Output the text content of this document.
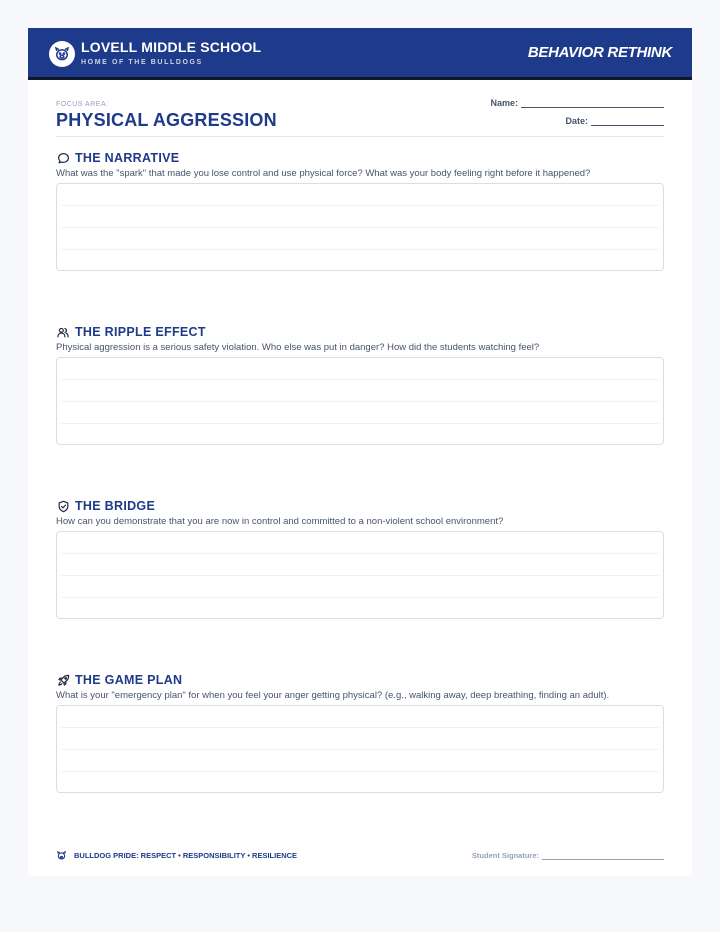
LOVELL MIDDLE SCHOOL
HOME OF THE BULLDOGS
BEHAVIOR RETHINK
FOCUS AREA:
PHYSICAL AGGRESSION
Name:
Date:
THE NARRATIVE
What was the "spark" that made you lose control and use physical force? What was your body feeling right before it happened?
THE RIPPLE EFFECT
Physical aggression is a serious safety violation. Who else was put in danger? How did the students watching feel?
THE BRIDGE
How can you demonstrate that you are now in control and committed to a non-violent school environment?
THE GAME PLAN
What is your "emergency plan" for when you feel your anger getting physical? (e.g., walking away, deep breathing, finding an adult).
BULLDOG PRIDE: RESPECT • RESPONSIBILITY • RESILIENCE	Student Signature:
